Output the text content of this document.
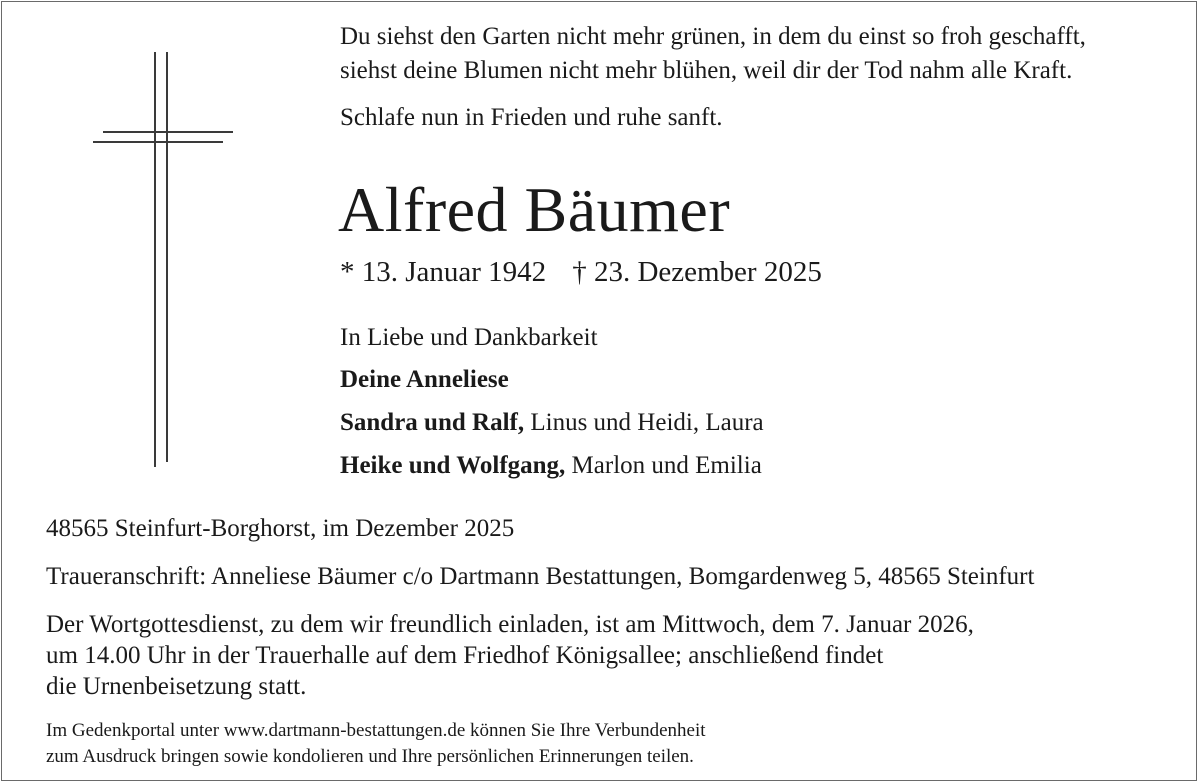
Du siehst den Garten nicht mehr grünen, in dem du einst so froh geschafft,
siehst deine Blumen nicht mehr blühen, weil dir der Tod nahm alle Kraft.
Schlafe nun in Frieden und ruhe sanft.
Alfred Bäumer
* 13. Januar 1942 † 23. Dezember 2025
In Liebe und Dankbarkeit
Deine Anneliese
Sandra und Ralf, Linus und Heidi, Laura
Heike und Wolfgang, Marlon und Emilia
48565 Steinfurt-Borghorst, im Dezember 2025
Traueranschrift: Anneliese Bäumer c/o Dartmann Bestattungen, Bomgardenweg 5, 48565 Steinfurt
Der Wortgottesdienst, zu dem wir freundlich einladen, ist am Mittwoch, dem 7. Januar 2026,
um 14.00 Uhr in der Trauerhalle auf dem Friedhof Königsallee; anschließend findet
die Urnenbeisetzung statt.
Im Gedenkportal unter www.dartmann-bestattungen.de können Sie Ihre Verbundenheit
zum Ausdruck bringen sowie kondolieren und Ihre persönlichen Erinnerungen teilen.
